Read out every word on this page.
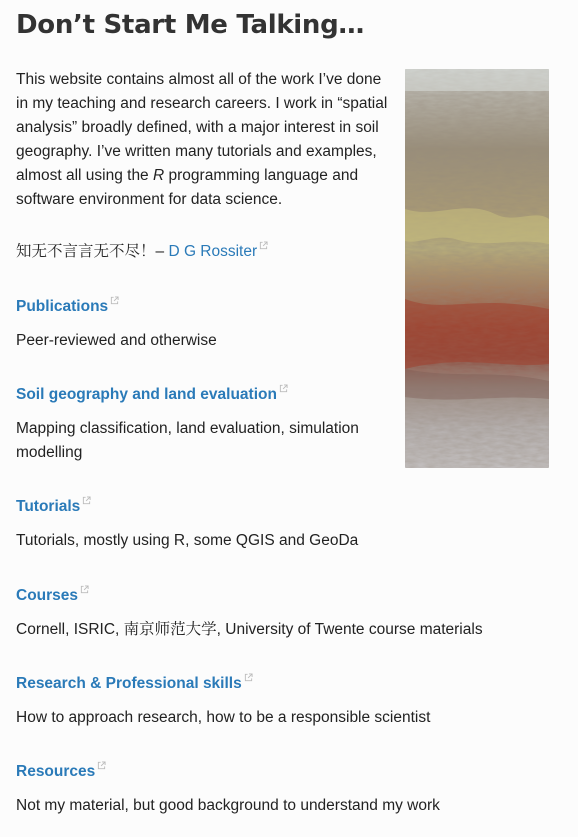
Don’t Start Me Talking…

This website contains almost all of the work I’ve done in my teaching and research careers. I work in “spatial analysis” broadly defined, with a major interest in soil geography. I’ve written many tutorials and examples, almost all using the R programming language and software environment for data science.

知无不言言无不尽！– D G Rossiter

Publications

Peer-reviewed and otherwise

Soil geography and land evaluation

Mapping classification, land evaluation, simulation modelling

Tutorials

Tutorials, mostly using R, some QGIS and GeoDa

Courses

Cornell, ISRIC, 南京师范大学, University of Twente course materials

Research & Professional skills

How to approach research, how to be a responsible scientist

Resources

Not my material, but good background to understand my work
